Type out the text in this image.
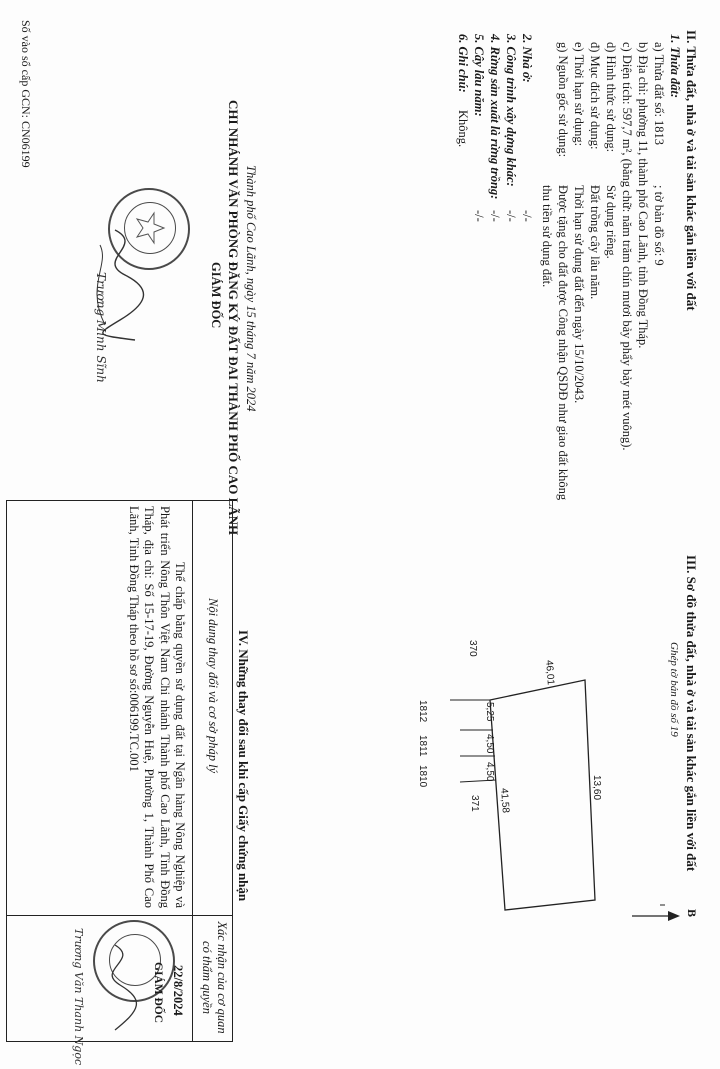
II. Thửa đất, nhà ở và tài sản khác gắn liền với đất
1. Thửa đất:
a) Thửa đất số: 1813
; tờ bản đồ số: 9
b) Địa chỉ: phường 11, thành phố Cao Lãnh, tỉnh Đồng Tháp.
c) Diện tích: 597,7 m², (bằng chữ: năm trăm chín mươi bảy phẩy bảy mét vuông).
d) Hình thức sử dụng:
Sử dụng riêng.
đ) Mục đích sử dụng:
Đất trồng cây lâu năm.
e) Thời hạn sử dụng:
Thời hạn sử dụng đất đến ngày 15/10/2043.
g) Nguồn gốc sử dụng:
Được tặng cho đất được Công nhận QSDĐ như giao đất không
thu tiền sử dụng đất.
2. Nhà ở:
3. Công trình xây dựng khác:
-/-
4. Rừng sản xuất là rừng trồng:
-/-
5. Cây lâu năm:
-/-	-/-
6. Ghi chú:
Không.
Thành phố Cao Lãnh, ngày 15 tháng 7 năm 2024
CHI NHÁNH VĂN PHÒNG ĐĂNG KÝ ĐẤT ĐAI THÀNH PHỐ CAO LÃNH
GIÁM ĐỐC
Trương Minh Sĩnh
Số vào sổ cấp GCN: CN06199
III. Sơ đồ thửa đất, nhà ở và tài sản khác gắn liền với đất
Ghép tờ bản đồ số 19
B
13,60
46,01
41,58
5,25
4,50
4,50
370
371
1812
1811
1810
IV. Những thay đổi sau khi cấp Giấy chứng nhận
Nội dung thay đổi và cơ sở pháp lý
Xác nhận của cơ quan có thẩm quyền
Thế chấp bằng quyền sử dụng đất tại Ngân hàng Nông Nghiệp và Phát triển Nông Thôn Việt Nam Chi nhánh Thành phố Cao Lãnh, Tỉnh Đồng Tháp, địa chỉ: Số 15-17-19, Đường Nguyễn Huệ, Phường 1, Thành Phố Cao Lãnh, Tỉnh Đồng Tháp theo hồ sơ số:006199.TC.001
22/8/2024
GIÁM ĐỐC
Trương Văn Thanh Ngọc
